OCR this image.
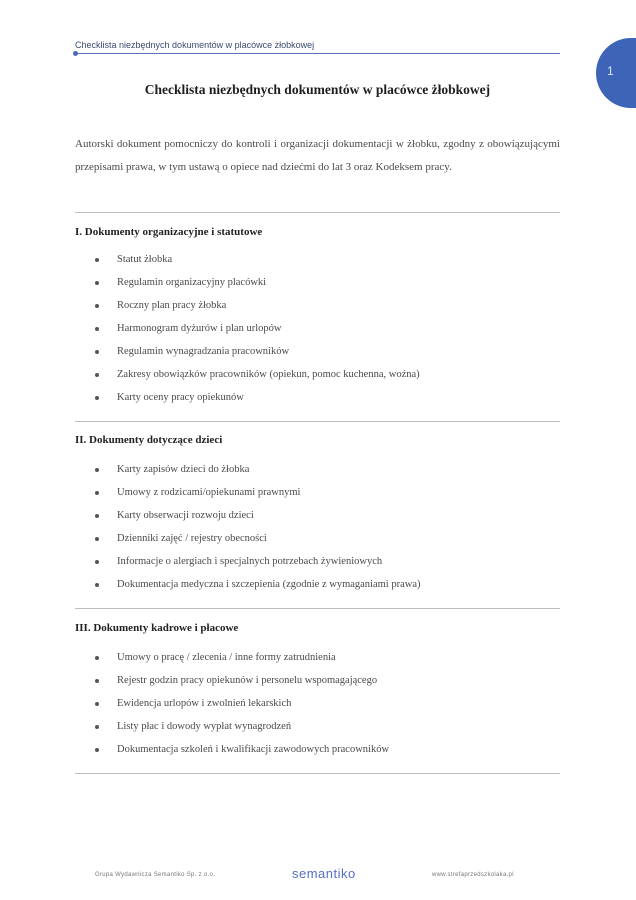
Checklista niezbędnych dokumentów w placówce żłobkowej
1
Checklista niezbędnych dokumentów w placówce żłobkowej
Autorski dokument pomocniczy do kontroli i organizacji dokumentacji w żłobku, zgodny z obowiązującymi przepisami prawa, w tym ustawą o opiece nad dziećmi do lat 3 oraz Kodeksem pracy.
I. Dokumenty organizacyjne i statutowe
Statut żłobka
Regulamin organizacyjny placówki
Roczny plan pracy żłobka
Harmonogram dyżurów i plan urlopów
Regulamin wynagradzania pracowników
Zakresy obowiązków pracowników (opiekun, pomoc kuchenna, woźna)
Karty oceny pracy opiekunów
II. Dokumenty dotyczące dzieci
Karty zapisów dzieci do żłobka
Umowy z rodzicami/opiekunami prawnymi
Karty obserwacji rozwoju dzieci
Dzienniki zajęć / rejestry obecności
Informacje o alergiach i specjalnych potrzebach żywieniowych
Dokumentacja medyczna i szczepienia (zgodnie z wymaganiami prawa)
III. Dokumenty kadrowe i płacowe
Umowy o pracę / zlecenia / inne formy zatrudnienia
Rejestr godzin pracy opiekunów i personelu wspomagającego
Ewidencja urlopów i zwolnień lekarskich
Listy płac i dowody wypłat wynagrodzeń
Dokumentacja szkoleń i kwalifikacji zawodowych pracowników
Grupa Wydawnicza Semantiko Sp. z o.o.	semantiko	www.strefaprzedszkolaka.pl
